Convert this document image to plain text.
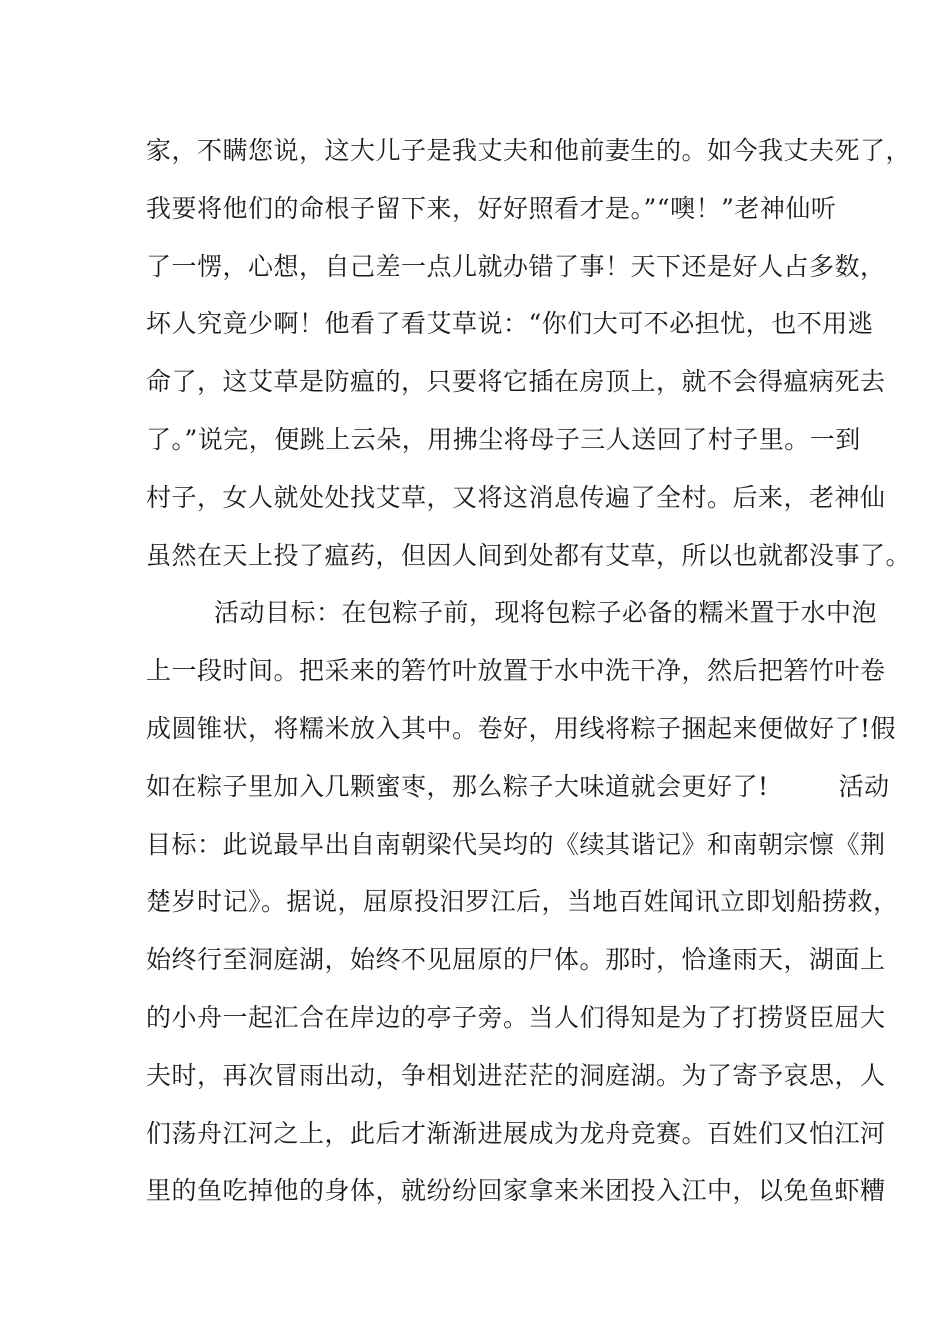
家，不瞒您说，这大儿子是我丈夫和他前妻生的。如今我丈夫死了，
我要将他们的命根子留下来，好好照看才是。”“噢！”老神仙听
了一愣，心想，自己差一点儿就办错了事！天下还是好人占多数，
坏人究竟少啊！他看了看艾草说：“你们大可不必担忧，也不用逃
命了，这艾草是防瘟的，只要将它插在房顶上，就不会得瘟病死去
了。”说完，便跳上云朵，用拂尘将母子三人送回了村子里。一到
村子，女人就处处找艾草，又将这消息传遍了全村。后来，老神仙
虽然在天上投了瘟药，但因人间到处都有艾草，所以也就都没事了。
活动目标：在包粽子前，现将包粽子必备的糯米置于水中泡
上一段时间。把采来的箬竹叶放置于水中洗干净，然后把箬竹叶卷
成圆锥状，将糯米放入其中。卷好，用线将粽子捆起来便做好了!假
如在粽子里加入几颗蜜枣，那么粽子大味道就会更好了!	活动
目标：此说最早出自南朝梁代吴均的《续其谐记》和南朝宗懔《荆
楚岁时记》。据说，屈原投汨罗江后，当地百姓闻讯立即划船捞救，
始终行至洞庭湖，始终不见屈原的尸体。那时，恰逢雨天，湖面上
的小舟一起汇合在岸边的亭子旁。当人们得知是为了打捞贤臣屈大
夫时，再次冒雨出动，争相划进茫茫的洞庭湖。为了寄予哀思，人
们荡舟江河之上，此后才渐渐进展成为龙舟竞赛。百姓们又怕江河
里的鱼吃掉他的身体，就纷纷回家拿来米团投入江中，以免鱼虾糟
